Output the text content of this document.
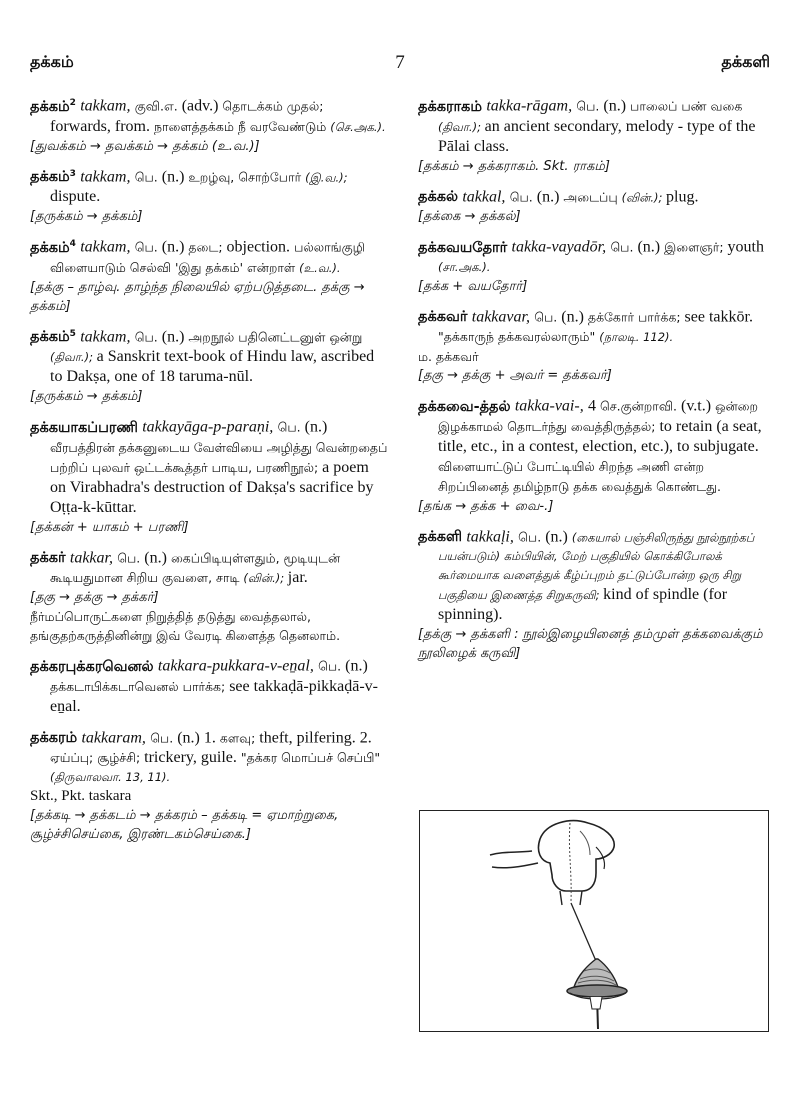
தக்கம்	7	தக்களி

தக்கம்$^2$ takkam, குவி.எ. (adv.) தொடக்கம் முதல்; forwards, from. நாளைத்தக்கம் நீ வரவேண்டும் (செ.அக.).

[துவக்கம் → தவக்கம் → தக்கம் (உ.வ.)]

தக்கம்$^3$ takkam, பெ. (n.) உறழ்வு, சொற்போர் (இ.வ.); dispute.

[தருக்கம் → தக்கம்]

தக்கம்$^4$ takkam, பெ. (n.) தடை; objection. பல்லாங்குழி விளையாடும் செல்வி 'இது தக்கம்' என்றாள் (உ.வ.).

[தக்கு – தாழ்வு. தாழ்ந்த நிலையில் ஏற்படுத்தடை. தக்கு → தக்கம்]

தக்கம்$^5$ takkam, பெ. (n.) அறநூல் பதினெட்டனுள் ஒன்று (திவா.); a Sanskrit text-book of Hindu law, ascribed to Dakṣa, one of 18 taruma-nūl.

[தருக்கம் → தக்கம்]

தக்கயாகப்பரணி takkayāga-p-paraṇi, பெ. (n.) வீரபத்திரன் தக்கனுடைய வேள்வியை அழித்து வென்றதைப் பற்றிப் புலவர் ஒட்டக்கூத்தர் பாடிய, பரணிநூல்; a poem on Virabhadra's destruction of Dakṣa's sacrifice by Oṭṭa-k-kūttar.

[தக்கன் + யாகம் + பரணி]

தக்கர் takkar, பெ. (n.) கைப்பிடியுள்ளதும், மூடியுடன் கூடியதுமான சிறிய குவளை, சாடி (வின்.); jar.

[தகு → தக்கு → தக்கர்]

நீர்மப்பொருட்களை நிறுத்தித் தடுத்து வைத்தலால், தங்குதற்கருத்தினின்று இவ் வேரடி கிளைத்த தெனலாம்.

தக்கரபுக்கரவெனல் takkara-pukkara-v-eṉal, பெ. (n.) தக்கடாபிக்கடாவெனல் பார்க்க; see takkaḍā-pikkaḍā-v-eṉal.

தக்கரம் takkaram, பெ. (n.) 1. களவு; theft, pilfering. 2. ஏய்ப்பு; சூழ்ச்சி; trickery, guile. "தக்கர மொப்பச் செப்பி" (திருவாலவா. 13, 11).

Skt., Pkt. taskara

[தக்கடி → தக்கடம் → தக்கரம் – தக்கடி = ஏமாற்றுகை, சூழ்ச்சிசெய்கை, இரண்டகம்செய்கை.]

தக்கராகம் takka-rāgam, பெ. (n.) பாலைப் பண் வகை (திவா.); an ancient secondary, melody - type of the Pālai class.

[தக்கம் → தக்கராகம். Skt. ராகம்]

தக்கல் takkal, பெ. (n.) அடைப்பு (வின்.); plug.

[தக்கை → தக்கல்]

தக்கவயதோர் takka-vayadōr, பெ. (n.) இளைஞர்; youth (சா.அக.).

[தக்க + வயதோர்]

தக்கவர் takkavar, பெ. (n.) தக்கோர் பார்க்க; see takkōr. "தக்காருந் தக்கவரல்லாரும்" (நாலடி. 112).

ம. தக்கவர்

[தகு → தக்கு + அவர் = தக்கவர்]

தக்கவை-த்தல் takka-vai-, 4 செ.குன்றாவி. (v.t.) ஒன்றை இழக்காமல் தொடர்ந்து வைத்திருத்தல்; to retain (a seat, title, etc., in a contest, election, etc.), to subjugate. விளையாட்டுப் போட்டியில் சிறந்த அணி என்ற சிறப்பினைத் தமிழ்நாடு தக்க வைத்துக் கொண்டது.

[தங்க → தக்க + வை-.]

தக்களி takkaḷi, பெ. (n.) (கையால் பஞ்சிலிருந்து நூல்நூற்கப் பயன்படும்) கம்பியின், மேற் பகுதியில் கொக்கிபோலக் கூர்மையாக வளைத்துக் கீழ்ப்புறம் தட்டுப்போன்ற ஒரு சிறு பகுதியை இணைத்த சிறுகருவி; kind of spindle (for spinning).

[தக்கு → தக்களி : நூல்இழையினைத் தம்முள் தக்கவைக்கும் நூலிழைக் கருவி]
